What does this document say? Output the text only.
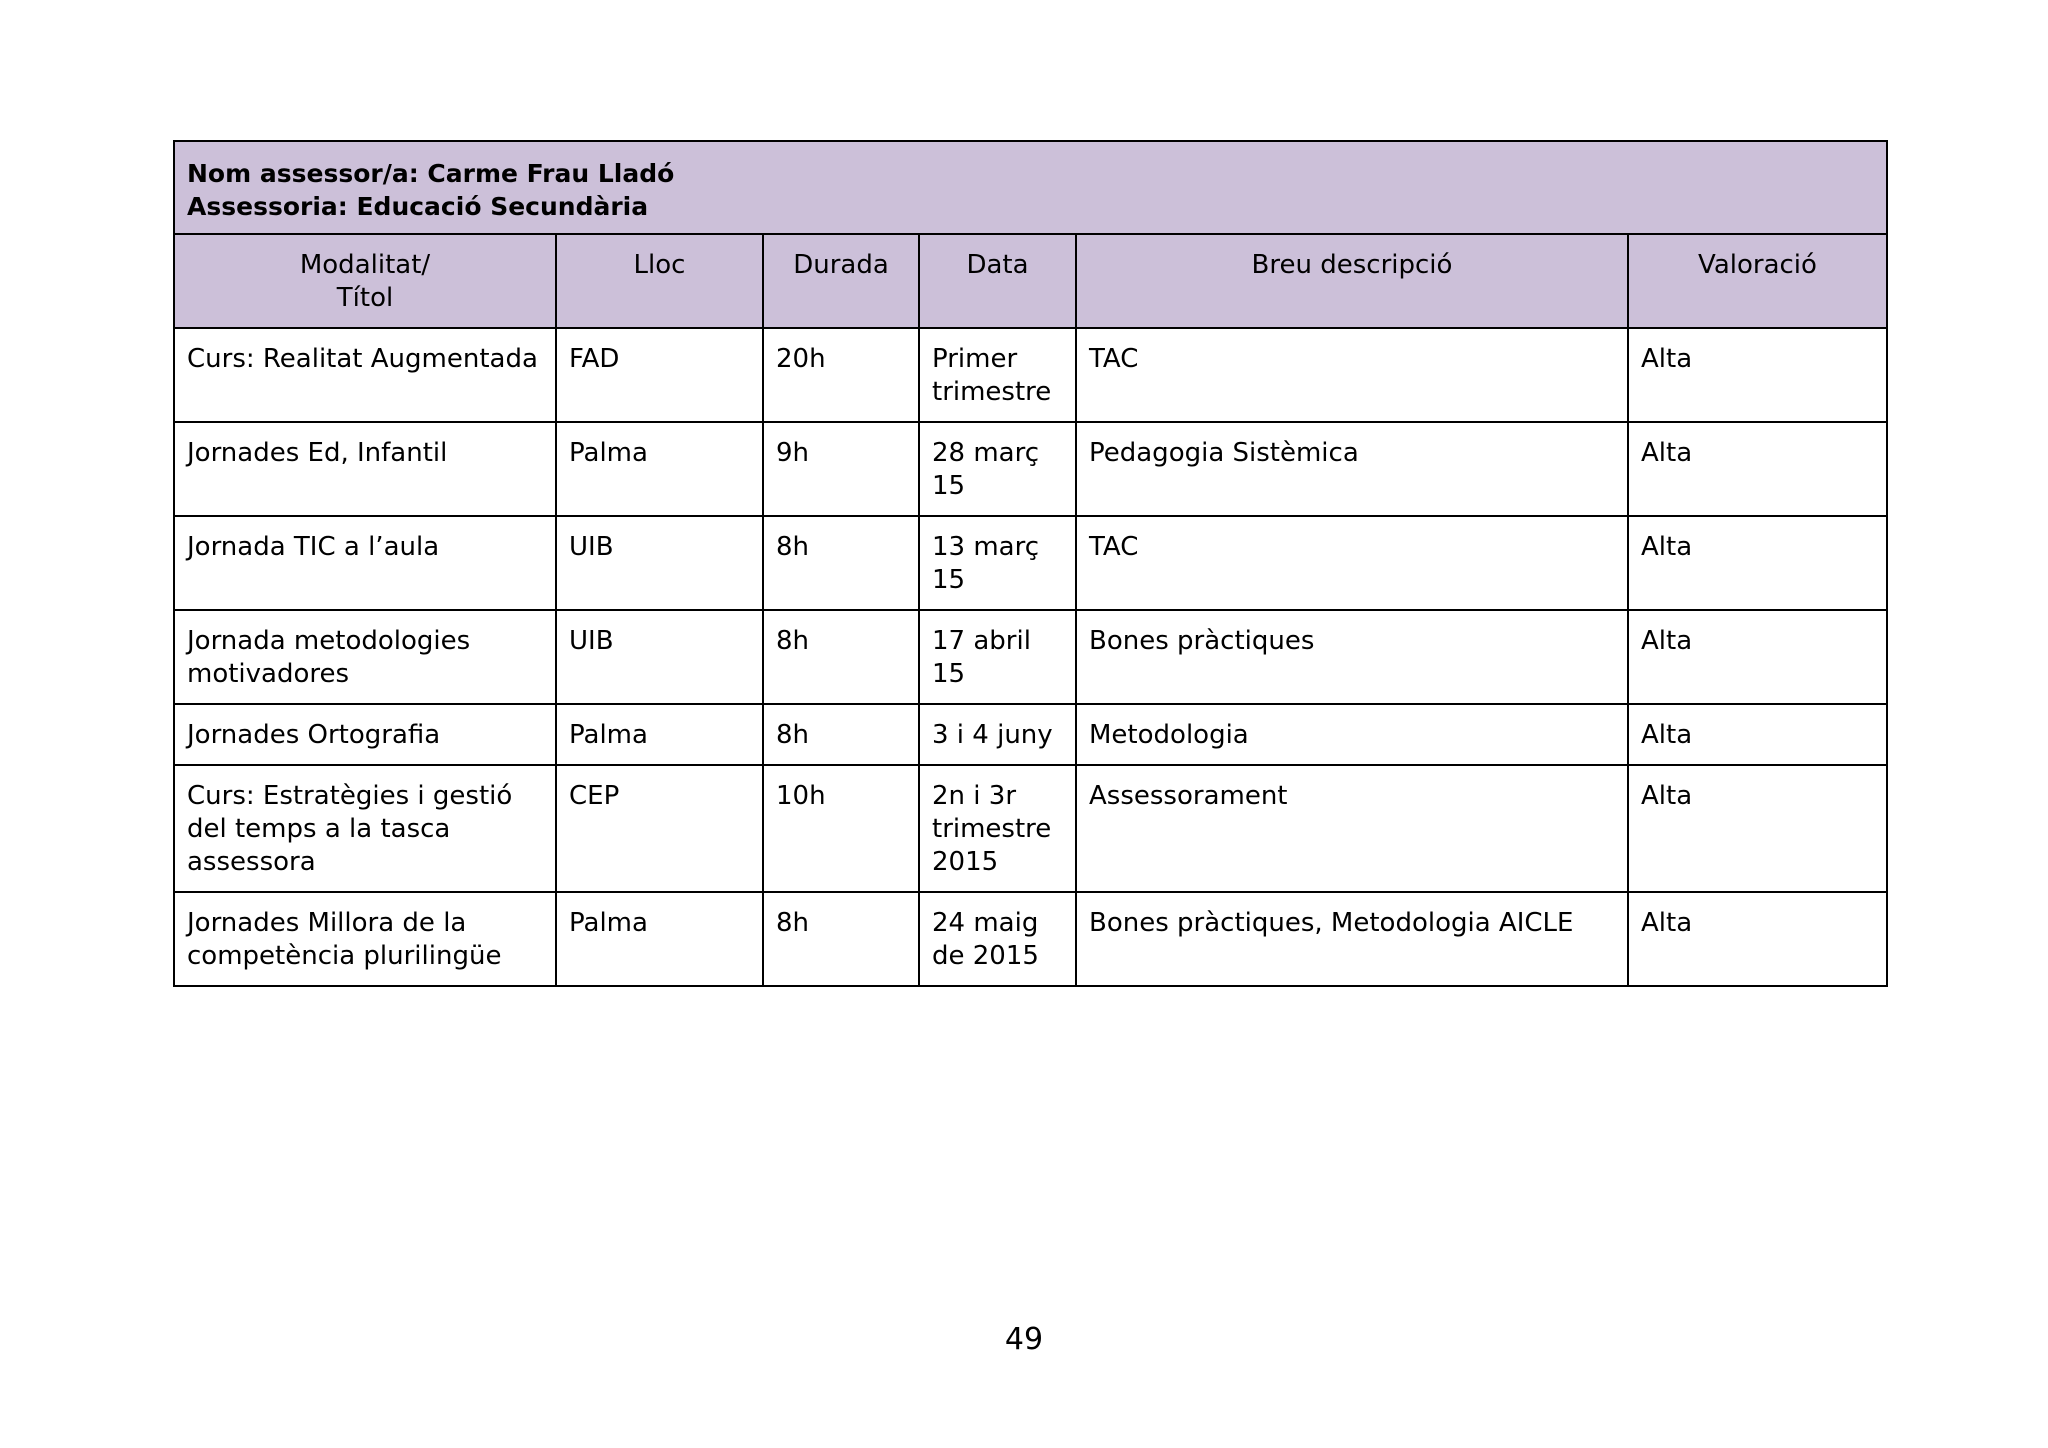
Nom assessor/a: Carme Frau Lladó
Assessoria: Educació Secundària					

Modalitat/
Títol	Lloc	Durada	Data	Breu descripció	Valoració

Curs: Realitat Augmentada	FAD	20h	Primer
trimestre	TAC	Alta

Jornades Ed, Infantil	Palma	9h	28 març
15	Pedagogia Sistèmica	Alta

Jornada TIC a l’aula	UIB	8h	13 març
15	TAC	Alta

Jornada metodologies
motivadores	UIB	8h	17 abril 15	Bones pràctiques	Alta

Jornades Ortografia	Palma	8h	3 i 4 juny	Metodologia	Alta

Curs: Estratègies i gestió
del temps a la tasca
assessora	CEP	10h	2n i 3r
trimestre
2015	Assessorament	Alta

Jornades Millora de la
competència plurilingüe	Palma	8h	24 maig
de 2015	Bones pràctiques, Metodologia AICLE	Alta
49
